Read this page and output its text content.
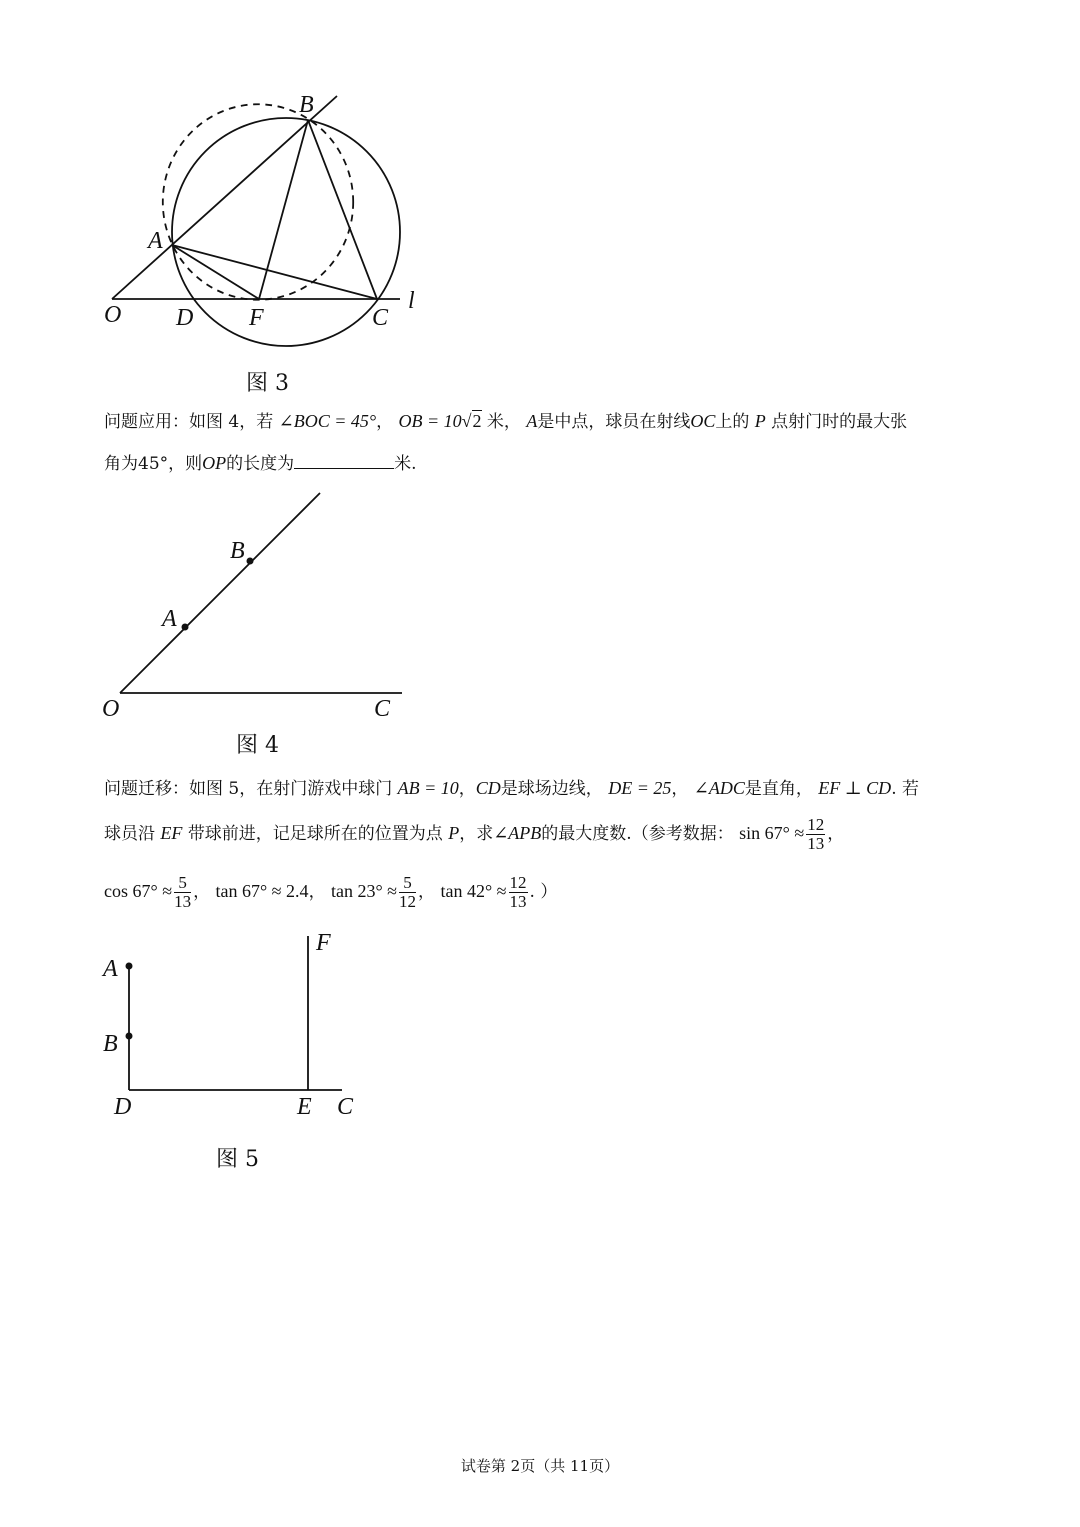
B
A
O D F	C
l
图 3
问题应用：如图 4，若 ∠BOC = 45°， OB = 10√2 米， A是中点，球员在射线OC上的 P 点射门时的最大张
角为45°，则OP的长度为	米.
B
A
O	C
图 4
问题迁移：如图 5，在射门游戏中球门 AB = 10，CD是球场边线， DE = 25， ∠ADC是直角， EF ⊥ CD. 若
球员沿 EF 带球前进，记足球所在的位置为点 P，求∠APB的最大度数.（参考数据： $\sin 67^\circ \approx \frac{12}{13}$ ，
$\cos 67^\circ \approx \frac{5}{13}$ ， tan 67° ≈ 2.4， $\tan 23^\circ \approx \frac{5}{12}$ ， $\tan 42^\circ \approx \frac{12}{13}$ . ）
F
A
B
D	E C
图 5
试卷第 2页（共 11页）
